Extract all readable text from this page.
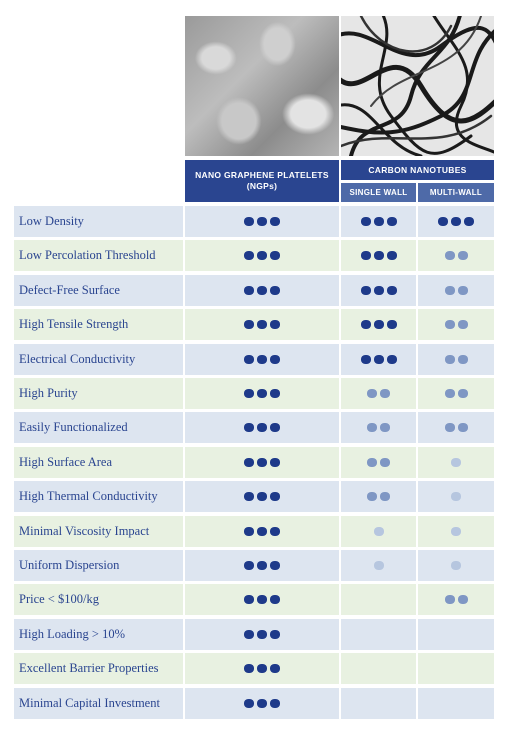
NANO GRAPHENE PLATELETS (NGPs)
CARBON NANOTUBES
SINGLE WALL	MULTI-WALL
Low Density
Low Percolation Threshold
Defect-Free Surface
High Tensile Strength
Electrical Conductivity
High Purity
Easily Functionalized
High Surface Area
High Thermal Conductivity
Minimal Viscosity Impact
Uniform Dispersion
Price < $100/kg
High Loading > 10%
Excellent Barrier Properties
Minimal Capital Investment
